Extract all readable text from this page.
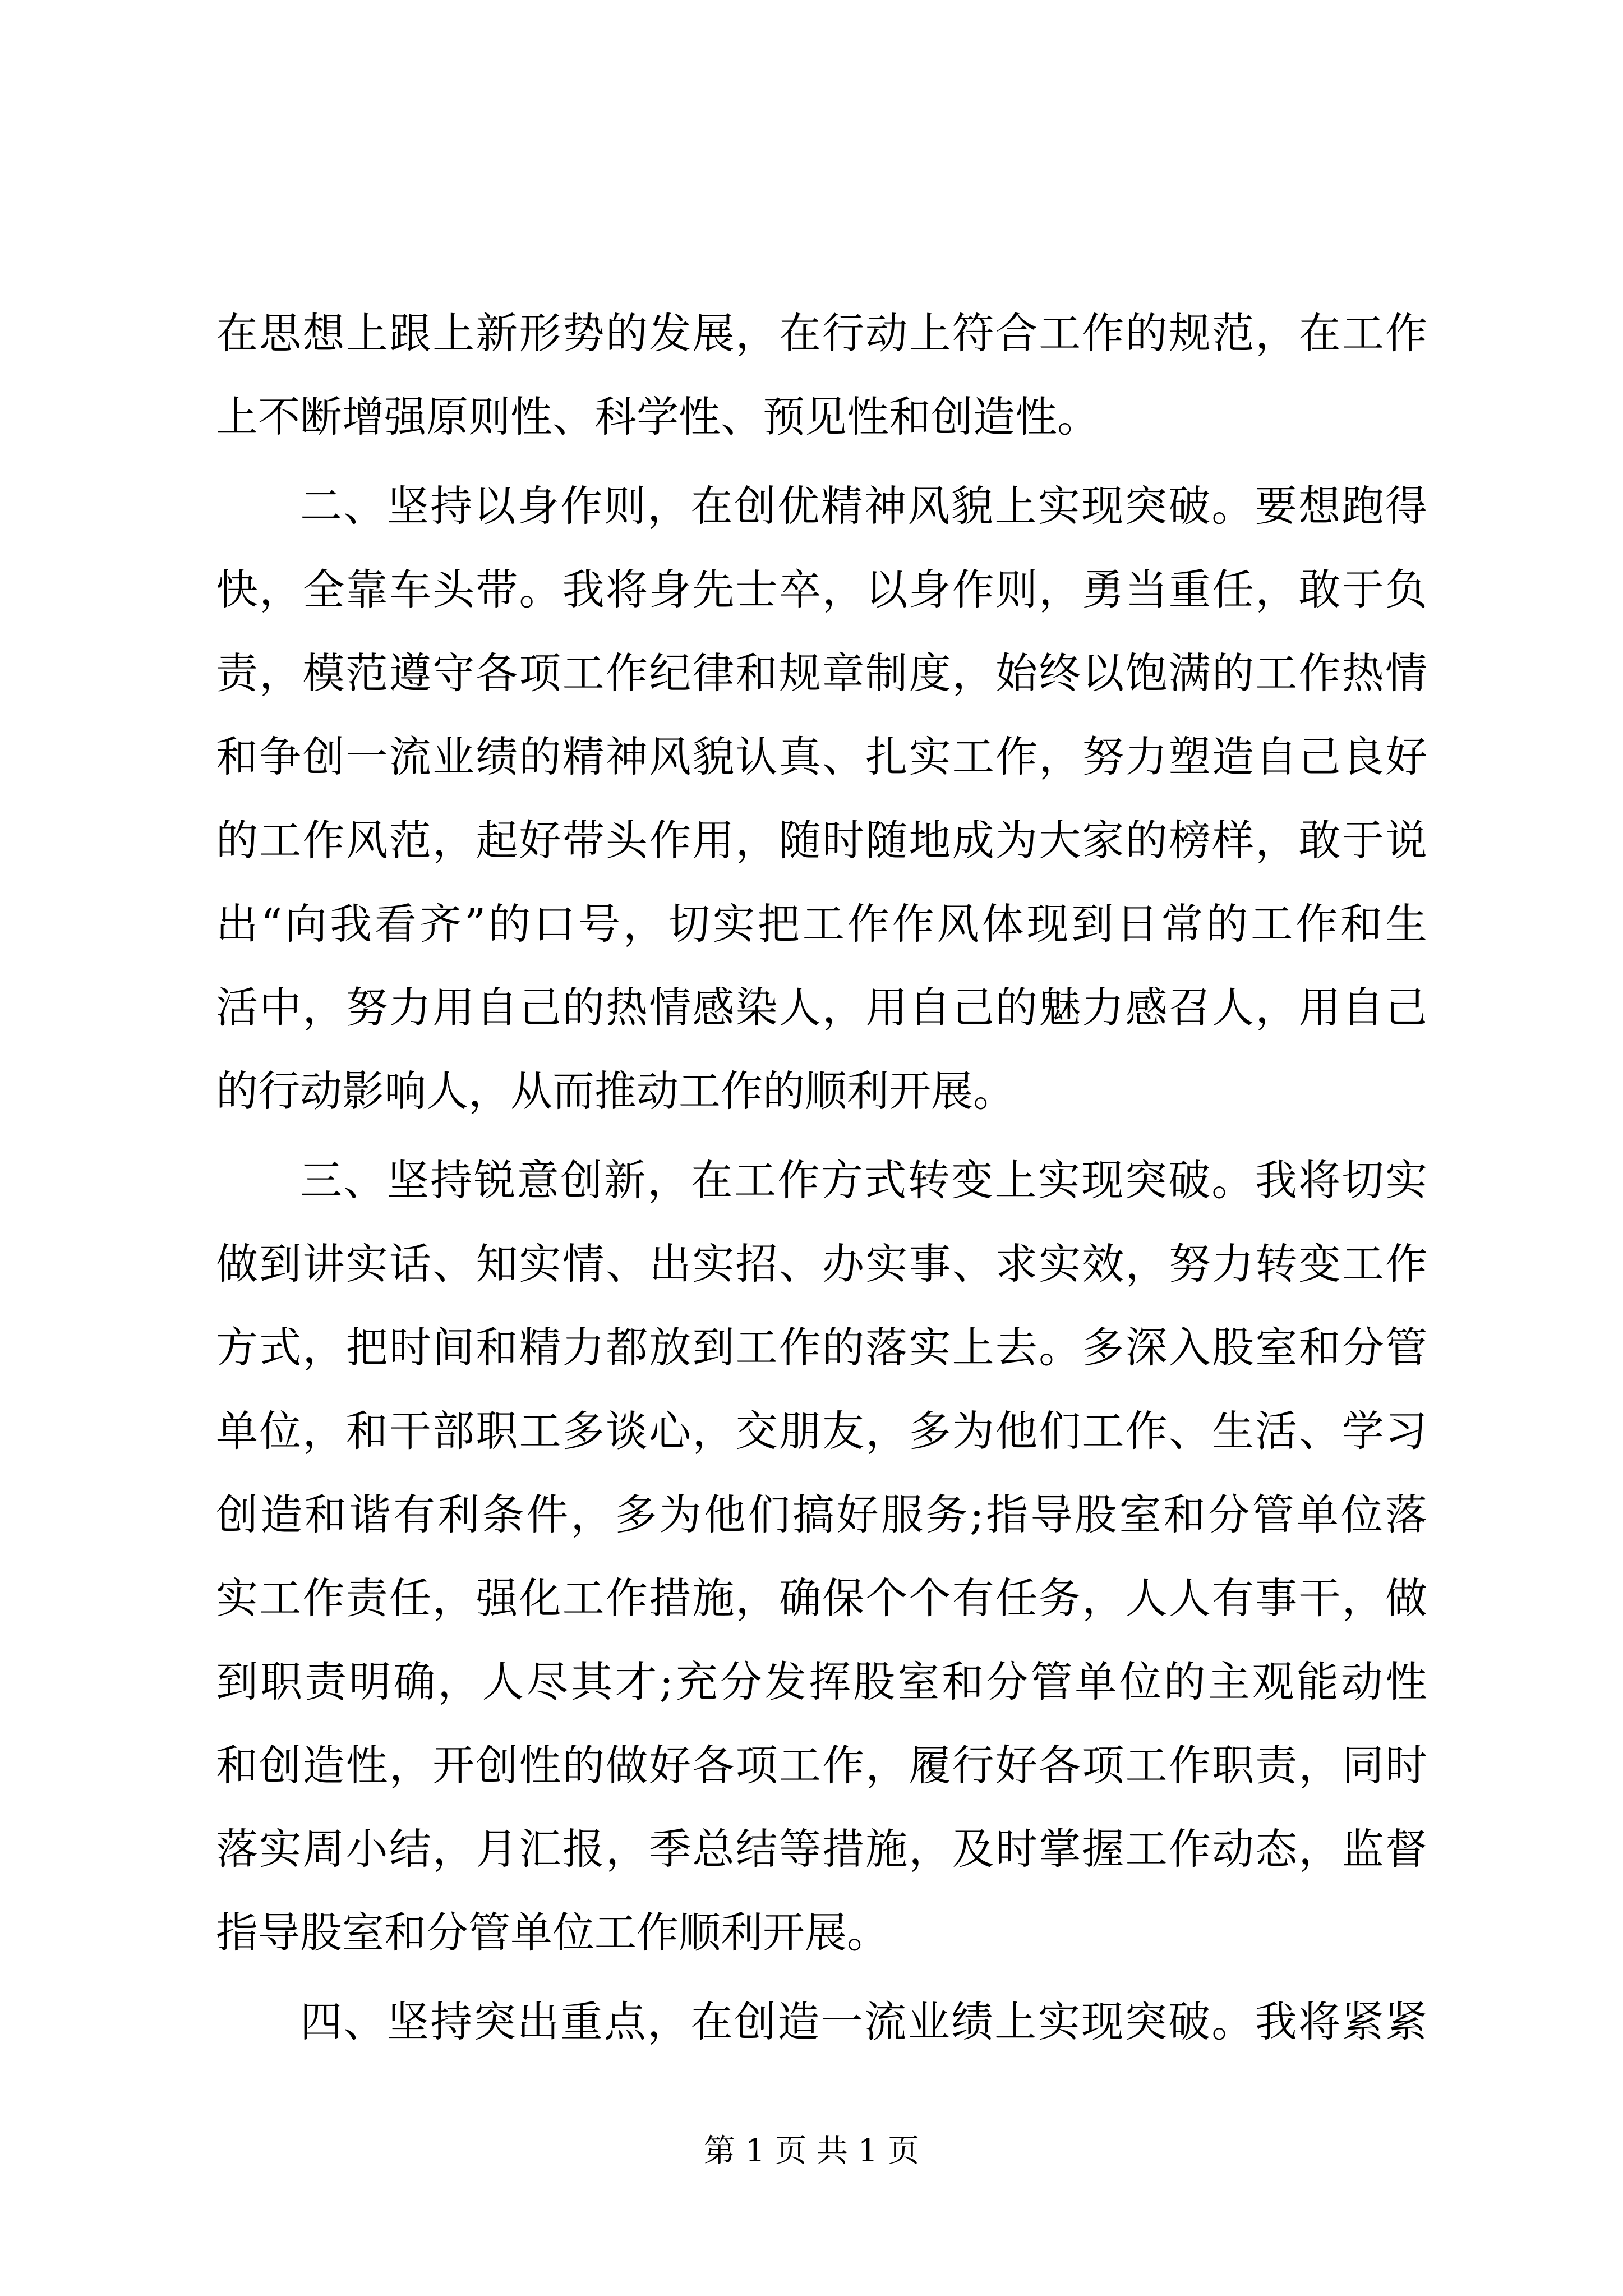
在思想上跟上新形势的发展，在行动上符合工作的规范，在工作
上不断增强原则性、科学性、预见性和创造性。
二、坚持以身作则，在创优精神风貌上实现突破。要想跑得
快，全靠车头带。我将身先士卒，以身作则，勇当重任，敢于负
责，模范遵守各项工作纪律和规章制度，始终以饱满的工作热情
和争创一流业绩的精神风貌认真、扎实工作，努力塑造自己良好
的工作风范，起好带头作用，随时随地成为大家的榜样，敢于说
出“向我看齐”的口号，切实把工作作风体现到日常的工作和生
活中，努力用自己的热情感染人，用自己的魅力感召人，用自己
的行动影响人，从而推动工作的顺利开展。
三、坚持锐意创新，在工作方式转变上实现突破。我将切实
做到讲实话、知实情、出实招、办实事、求实效，努力转变工作
方式，把时间和精力都放到工作的落实上去。多深入股室和分管
单位，和干部职工多谈心，交朋友，多为他们工作、生活、学习
创造和谐有利条件，多为他们搞好服务;指导股室和分管单位落
实工作责任，强化工作措施，确保个个有任务，人人有事干，做
到职责明确，人尽其才;充分发挥股室和分管单位的主观能动性
和创造性，开创性的做好各项工作，履行好各项工作职责，同时
落实周小结，月汇报，季总结等措施，及时掌握工作动态，监督
指导股室和分管单位工作顺利开展。
四、坚持突出重点，在创造一流业绩上实现突破。我将紧紧
第 1 页 共 1 页
